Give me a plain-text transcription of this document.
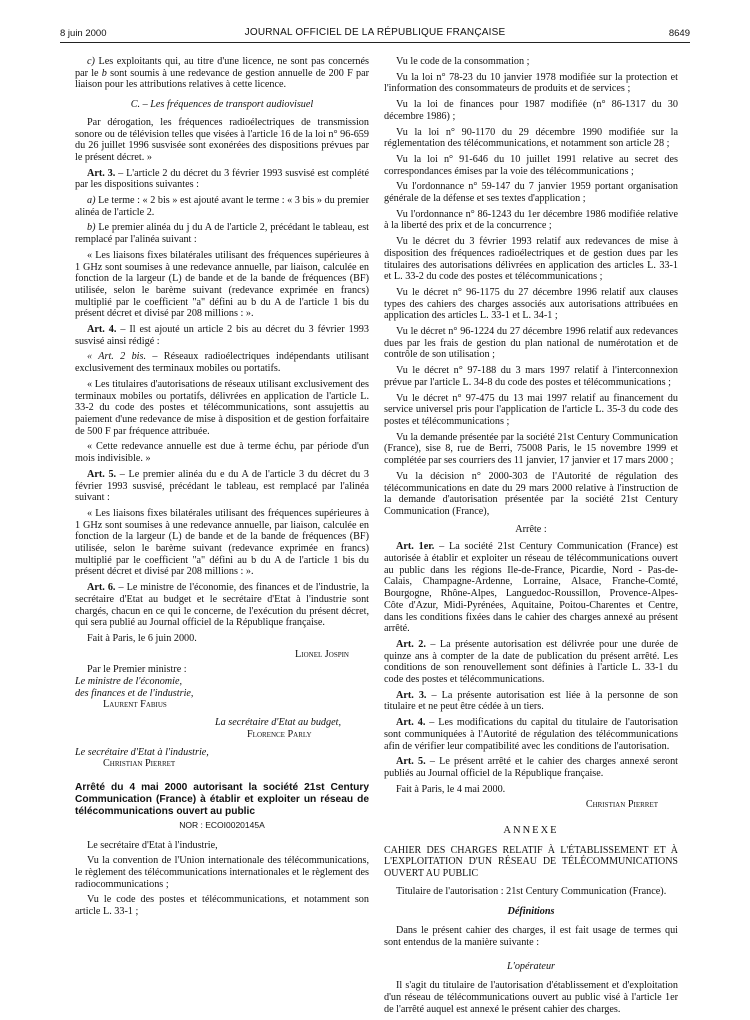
8 juin 2000	JOURNAL OFFICIEL DE LA RÉPUBLIQUE FRANÇAISE	8649

c) Les exploitants qui, au titre d'une licence, ne sont pas concernés par le b sont soumis à une redevance de gestion annuelle de 200 F par liaison pour les attributions relatives à cette licence.

C. – Les fréquences de transport audiovisuel

Par dérogation, les fréquences radioélectriques de transmission sonore ou de télévision telles que visées à l'article 16 de la loi n° 96-659 du 26 juillet 1996 susvisée sont exonérées des dispositions prévues par le présent décret. »

Art. 3. – L'article 2 du décret du 3 février 1993 susvisé est complété par les dispositions suivantes :

a) Le terme : « 2 bis » est ajouté avant le terme : « 3 bis » du premier alinéa de l'article 2.

b) Le premier alinéa du j du A de l'article 2, précédant le tableau, est remplacé par l'alinéa suivant :

« Les liaisons fixes bilatérales utilisant des fréquences supérieures à 1 GHz sont soumises à une redevance annuelle, par liaison, calculée en fonction de la largeur (L) de bande et de la bande de fréquences (BF) utilisée, selon le barème suivant (redevance exprimée en francs) multiplié par le coefficient "a" défini au b du A de l'article 1 bis du présent décret et divisé par 208 millions : ».

Art. 4. – Il est ajouté un article 2 bis au décret du 3 février 1993 susvisé ainsi rédigé :

« Art. 2 bis. – Réseaux radioélectriques indépendants utilisant exclusivement des terminaux mobiles ou portatifs.

« Les titulaires d'autorisations de réseaux utilisant exclusivement des terminaux mobiles ou portatifs, délivrées en application de l'article L. 33-2 du code des postes et télécommunications, sont assujettis au paiement d'une redevance de mise à disposition et de gestion forfaitaire de 500 F par fréquence attribuée.

« Cette redevance annuelle est due à terme échu, par période d'un mois indivisible. »

Art. 5. – Le premier alinéa du e du A de l'article 3 du décret du 3 février 1993 susvisé, précédant le tableau, est remplacé par l'alinéa suivant :

« Les liaisons fixes bilatérales utilisant des fréquences supérieures à 1 GHz sont soumises à une redevance annuelle, par liaison, calculée en fonction de la largeur (L) de bande et de la bande de fréquences (BF) utilisée, selon le barème suivant (redevance exprimée en francs) multiplié par le coefficient "a" défini au b du A de l'article 1 bis du présent décret et divisé par 208 millions : ».

Art. 6. – Le ministre de l'économie, des finances et de l'industrie, la secrétaire d'Etat au budget et le secrétaire d'Etat à l'industrie sont chargés, chacun en ce qui le concerne, de l'exécution du présent décret, qui sera publié au Journal officiel de la République française.

Fait à Paris, le 6 juin 2000.

Lionel Jospin

Par le Premier ministre :

Le ministre de l'économie,

des finances et de l'industrie,

Laurent Fabius

La secrétaire d'Etat au budget,

Florence Parly

Le secrétaire d'Etat à l'industrie,

Christian Pierret

Arrêté du 4 mai 2000 autorisant la société 21st Century Communication (France) à établir et exploiter un réseau de télécommunications ouvert au public

NOR : ECOI0020145A

Le secrétaire d'Etat à l'industrie,

Vu la convention de l'Union internationale des télécommunications, le règlement des télécommunications internationales et le règlement des radiocommunications ;

Vu le code des postes et télécommunications, et notamment son article L. 33-1 ;

Vu le code de la consommation ;

Vu la loi n° 78-23 du 10 janvier 1978 modifiée sur la protection et l'information des consommateurs de produits et de services ;

Vu la loi de finances pour 1987 modifiée (n° 86-1317 du 30 décembre 1986) ;

Vu la loi n° 90-1170 du 29 décembre 1990 modifiée sur la réglementation des télécommunications, et notamment son article 28 ;

Vu la loi n° 91-646 du 10 juillet 1991 relative au secret des correspondances émises par la voie des télécommunications ;

Vu l'ordonnance n° 59-147 du 7 janvier 1959 portant organisation générale de la défense et ses textes d'application ;

Vu l'ordonnance n° 86-1243 du 1er décembre 1986 modifiée relative à la liberté des prix et de la concurrence ;

Vu le décret du 3 février 1993 relatif aux redevances de mise à disposition des fréquences radioélectriques et de gestion dues par les titulaires des autorisations délivrées en application des articles L. 33-1 et L. 33-2 du code des postes et télécommunications ;

Vu le décret n° 96-1175 du 27 décembre 1996 relatif aux clauses types des cahiers des charges associés aux autorisations attribuées en application des articles L. 33-1 et L. 34-1 ;

Vu le décret n° 96-1224 du 27 décembre 1996 relatif aux redevances dues par les frais de gestion du plan national de numérotation et de contrôle de son utilisation ;

Vu le décret n° 97-188 du 3 mars 1997 relatif à l'interconnexion prévue par l'article L. 34-8 du code des postes et télécommunications ;

Vu le décret n° 97-475 du 13 mai 1997 relatif au financement du service universel pris pour l'application de l'article L. 35-3 du code des postes et télécommunications ;

Vu la demande présentée par la société 21st Century Communication (France), sise 8, rue de Berri, 75008 Paris, le 15 novembre 1999 et complétée par ses courriers des 11 janvier, 17 janvier et 17 mars 2000 ;

Vu la décision n° 2000-303 de l'Autorité de régulation des télécommunications en date du 29 mars 2000 relative à l'instruction de la demande d'autorisation présentée par la société 21st Century Communication (France),

Arrête :

Art. 1er. – La société 21st Century Communication (France) est autorisée à établir et exploiter un réseau de télécommunications ouvert au public dans les régions Ile-de-France, Picardie, Nord - Pas-de-Calais, Champagne-Ardenne, Lorraine, Alsace, Franche-Comté, Bourgogne, Rhône-Alpes, Languedoc-Roussillon, Provence-Alpes-Côte d'Azur, Midi-Pyrénées, Aquitaine, Poitou-Charentes et Centre, dans les conditions fixées dans le cahier des charges annexé au présent arrêté.

Art. 2. – La présente autorisation est délivrée pour une durée de quinze ans à compter de la date de publication du présent arrêté. Les conditions de son renouvellement sont définies à l'article L. 33-1 du code des postes et télécommunications.

Art. 3. – La présente autorisation est liée à la personne de son titulaire et ne peut être cédée à un tiers.

Art. 4. – Les modifications du capital du titulaire de l'autorisation sont communiquées à l'Autorité de régulation des télécommunications afin de vérifier leur compatibilité avec les conditions de l'autorisation.

Art. 5. – Le présent arrêté et le cahier des charges annexé seront publiés au Journal officiel de la République française.

Fait à Paris, le 4 mai 2000.

Christian Pierret

ANNEXE

CAHIER DES CHARGES RELATIF À L'ÉTABLISSEMENT ET À L'EXPLOITATION D'UN RÉSEAU DE TÉLÉCOMMUNICATIONS OUVERT AU PUBLIC

Titulaire de l'autorisation : 21st Century Communication (France).

Définitions

Dans le présent cahier des charges, il est fait usage de termes qui sont entendus de la manière suivante :

L'opérateur

Il s'agit du titulaire de l'autorisation d'établissement et d'exploitation d'un réseau de télécommunications ouvert au public visé à l'article 1er de l'arrêté auquel est annexé le présent cahier des charges.
